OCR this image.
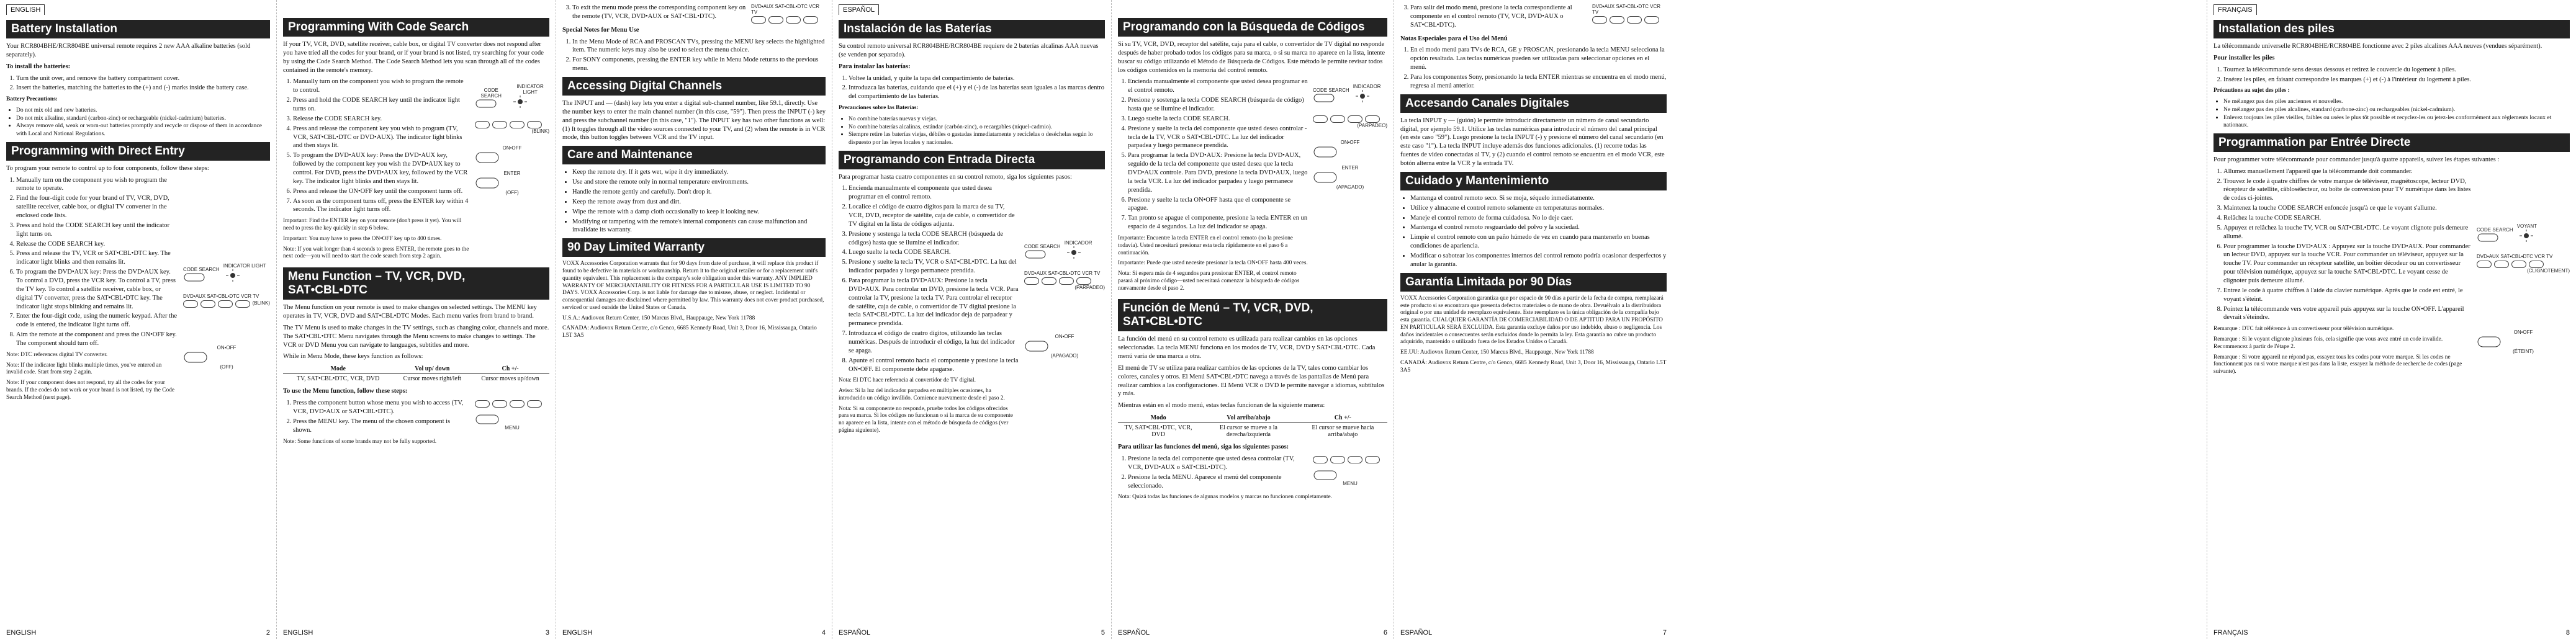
ENGLISH
Battery Installation

Your RCR804BHE/RCR804BE universal remote requires 2 new AAA alkaline batteries (sold separately).

To install the batteries:

1. Turn the unit over, and remove the battery compartment cover.
2. Insert the batteries, matching the batteries to the (+) and (-) marks inside the battery case.

Battery Precautions:

• Do not mix old and new batteries.
• Do not mix alkaline, standard (carbon-zinc) or rechargeable (nickel-cadmium) batteries.
• Always remove old, weak or worn-out batteries promptly and recycle or dispose of them in accordance with Local and National Regulations.
Programming with Direct Entry

To program your remote to control up to four components, follow these steps:

1. Manually turn on the component you wish to program the remote to operate.
2. Find the four-digit code for your brand of TV, VCR, DVD, satellite receiver, cable box, or digital TV converter in the enclosed code lists.
3. Press and hold the CODE SEARCH key until the indicator light turns on.
4. Release the CODE SEARCH key.
5. Press and release the TV, VCR or SAT•CBL•DTC key. The indicator light blinks and then remains lit.
6. To program the DVD•AUX key: Press the DVD•AUX key. To control a DVD, press the VCR key. To control a TV, press the TV key. To control a satellite receiver, cable box, or digital TV converter, press the SAT•CBL•DTC key. The indicator light stops blinking and remains lit.
7. Enter the four-digit code, using the numeric keypad. After the code is entered, the indicator light turns off.
8. Aim the remote at the component and press the ON•OFF key. The component should turn off.

Note: DTC references digital TV converter.

Note: If the indicator light blinks multiple times, you've entered an invalid code. Start from step 2 again.

Note: If your component does not respond, try all the codes for your brands. If the codes do not work or your brand is not listed, try the Code Search Method (next page).

CODE SEARCH
INDICATOR LIGHT
DVD•AUX SAT•CBL•DTC VCR TV
(BLINK)
ON•OFF
(OFF)
ENGLISH	2
Programming With Code Search

If your TV, VCR, DVD, satellite receiver, cable box, or digital TV converter does not respond after you have tried all the codes for your brand, or if your brand is not listed, try searching for your code by using the Code Search Method. The Code Search Method lets you scan through all of the codes contained in the remote's memory.

1. Manually turn on the component you wish to program the remote to control.
2. Press and hold the CODE SEARCH key until the indicator light turns on.
3. Release the CODE SEARCH key.
4. Press and release the component key you wish to program (TV, VCR, SAT•CBL•DTC or DVD•AUX). The indicator light blinks and then stays lit.
5. To program the DVD•AUX key: Press the DVD•AUX key, followed by the component key you wish the DVD•AUX key to control. For DVD, press the DVD•AUX key, followed by the VCR key. The indicator light blinks and then stays lit.
6. Press and release the ON•OFF key until the component turns off.
7. As soon as the component turns off, press the ENTER key within 4 seconds. The indicator light turns off.

Important: Find the ENTER key on your remote (don't press it yet). You will need to press the key quickly in step 6 below.

Important: You may have to press the ON•OFF key up to 400 times.

Note: If you wait longer than 4 seconds to press ENTER, the remote goes to the next code—you will need to start the code search from step 2 again.

CODE SEARCH
INDICATOR LIGHT
(BLINK)
ON•OFF
ENTER
(OFF)
Menu Function – TV, VCR, DVD, SAT•CBL•DTC

The Menu function on your remote is used to make changes on selected settings. The MENU key operates in TV, VCR, DVD and SAT•CBL•DTC Modes. Each menu varies from brand to brand.

The TV Menu is used to make changes in the TV settings, such as changing color, channels and more. The SAT•CBL•DTC Menu navigates through the Menu screens to make changes to settings. The VCR or DVD Menu you can navigate to languages, subtitles and more.

While in Menu Mode, these keys function as follows:

Mode	Vol up/ down	Ch +/-
TV, SAT•CBL•DTC, VCR, DVD	Cursor moves right/left	Cursor moves up/down

To use the Menu function, follow these steps:

1. Press the component button whose menu you wish to access (TV, VCR, DVD•AUX or SAT•CBL•DTC).
2. Press the MENU key. The menu of the chosen component is shown.	MENU

Note: Some functions of some brands may not be fully supported.

ENGLISH	3
3. To exit the menu mode press the corresponding component key on the remote (TV, VCR, DVD•AUX or SAT•CBL•DTC).
DVD•AUX SAT•CBL•DTC VCR TV

Special Notes for Menu Use

1. In the Menu Mode of RCA and PROSCAN TVs, pressing the MENU key selects the highlighted item. The numeric keys may also be used to select the menu choice.
2. For SONY components, pressing the ENTER key while in Menu Mode returns to the previous menu.
Accessing Digital Channels

The INPUT and — (dash) key lets you enter a digital sub-channel number, like 59.1, directly. Use the number keys to enter the main channel number (in this case, "59"). Then press the INPUT (-) key and press the subchannel number (in this case, "1"). The INPUT key has two other functions as well: (1) It toggles through all the video sources connected to your TV, and (2) when the remote is in VCR mode, this button toggles between VCR and the TV input.

Care and Maintenance
• Keep the remote dry. If it gets wet, wipe it dry immediately.
• Use and store the remote only in normal temperature environments.
• Handle the remote gently and carefully. Don't drop it.
• Keep the remote away from dust and dirt.
• Wipe the remote with a damp cloth occasionally to keep it looking new.
• Modifying or tampering with the remote's internal components can cause malfunction and invalidate its warranty.
90 Day Limited Warranty

VOXX Accessories Corporation warrants that for 90 days from date of purchase, it will replace this product if found to be defective in materials or workmanship. Return it to the original retailer or for a replacement unit's quantity equivalent. This replacement is the company's sole obligation under this warranty. ANY IMPLIED WARRANTY OF MERCHANTABILITY OR FITNESS FOR A PARTICULAR USE IS LIMITED TO 90 DAYS. VOXX Accessories Corp. is not liable for damage due to misuse, abuse, or neglect. Incidental or consequential damages are disclaimed where permitted by law. This warranty does not cover product purchased, serviced or used outside the United States or Canada.

U.S.A.: Audiovox Return Center, 150 Marcus Blvd., Hauppauge, New York 11788

CANADA: Audiovox Return Centre, c/o Genco, 6685 Kennedy Road, Unit 3, Door 16, Mississauga, Ontario L5T 3A5

ENGLISH	4
ESPAÑOL
Instalación de las Baterías

Su control remoto universal RCR804BHE/RCR804BE requiere de 2 baterías alcalinas AAA nuevas (se venden por separado).

Para instalar las baterías:

1. Voltee la unidad, y quite la tapa del compartimiento de baterías.
2. Introduzca las baterías, cuidando que el (+) y el (-) de las baterías sean iguales a las marcas dentro del compartimiento de las baterías.

Precauciones sobre las Baterías:

• No combine baterías nuevas y viejas.
• No combine baterías alcalinas, estándar (carbón-zinc), o recargables (níquel-cadmio).
• Siempre retire las baterías viejas, débiles o gastadas inmediatamente y recíclelas o deséchelas según lo dispuesto por las leyes locales y nacionales.
Programando con Entrada Directa

Para programar hasta cuatro componentes en su control remoto, siga los siguientes pasos:

1. Encienda manualmente el componente que usted desea programar en el control remoto.
2. Localice el código de cuatro dígitos para la marca de su TV, VCR, DVD, receptor de satélite, caja de cable, o convertidor de TV digital en la lista de códigos adjunta.
3. Presione y sostenga la tecla CODE SEARCH (búsqueda de códigos) hasta que se ilumine el indicador.
4. Luego suelte la tecla CODE SEARCH.
5. Presione y suelte la tecla TV, VCR o SAT•CBL•DTC. La luz del indicador parpadea y luego permanece prendida.
6. Para programar la tecla DVD•AUX: Presione la tecla DVD•AUX. Para controlar un DVD, presione la tecla VCR. Para controlar la TV, presione la tecla TV. Para controlar el receptor de satélite, caja de cable, o convertidor de TV digital presione la tecla SAT•CBL•DTC. La luz del indicador deja de parpadear y permanece prendida.
7. Introduzca el código de cuatro dígitos, utilizando las teclas numéricas. Después de introducir el código, la luz del indicador se apaga.
8. Apunte el control remoto hacia el componente y presione la tecla ON•OFF. El componente debe apagarse.

Nota: El DTC hace referencia al convertidor de TV digital.

Aviso: Si la luz del indicador parpadea en múltiples ocasiones, ha introducido un código inválido. Comience nuevamente desde el paso 2.

Nota: Si su componente no responde, pruebe todos los códigos ofrecidos para su marca. Si los códigos no funcionan o si la marca de su componente no aparece en la lista, intente con el método de búsqueda de códigos (ver página siguiente).

CODE SEARCH
INDICADOR
DVD•AUX SAT•CBL•DTC VCR TV
(PARPADEO)
ON•OFF
(APAGADO)
ESPAÑOL	5
Programando con la Búsqueda de Códigos

Si su TV, VCR, DVD, receptor del satélite, caja para el cable, o convertidor de TV digital no responde después de haber probado todos los códigos para su marca, o si su marca no aparece en la lista, intente buscar su código utilizando el Método de Búsqueda de Códigos. Este método le permite revisar todos los códigos contenidos en la memoria del control remoto.

1. Encienda manualmente el componente que usted desea programar en el control remoto.
2. Presione y sostenga la tecla CODE SEARCH (búsqueda de código) hasta que se ilumine el indicador.
3. Luego suelte la tecla CODE SEARCH.
4. Presione y suelte la tecla del componente que usted desea controlar - tecla de la TV, VCR o SAT•CBL•DTC. La luz del indicador parpadea y luego permanece prendida.
5. Para programar la tecla DVD•AUX: Presione la tecla DVD•AUX, seguido de la tecla del componente que usted desea que la tecla DVD•AUX controle. Para DVD, presione la tecla DVD•AUX, luego la tecla VCR. La luz del indicador parpadea y luego permanece prendida.
6. Presione y suelte la tecla ON•OFF hasta que el componente se apague.
7. Tan pronto se apague el componente, presione la tecla ENTER en un espacio de 4 segundos. La luz del indicador se apaga.

Importante: Encuentre la tecla ENTER en el control remoto (no la presione todavía). Usted necesitará presionar esta tecla rápidamente en el paso 6 a continuación.

Importante: Puede que usted necesite presionar la tecla ON•OFF hasta 400 veces.

Nota: Si espera más de 4 segundos para presionar ENTER, el control remoto pasará al próximo código—usted necesitará comenzar la búsqueda de códigos nuevamente desde el paso 2.

CODE SEARCH
INDICADOR
(PARPADEO)
ON•OFF
ENTER
(APAGADO)
Función de Menú – TV, VCR, DVD, SAT•CBL•DTC

La función del menú en su control remoto es utilizada para realizar cambios en las opciones seleccionadas. La tecla MENU funciona en los modos de TV, VCR, DVD y SAT•CBL•DTC. Cada menú varía de una marca a otra.

El menú de TV se utiliza para realizar cambios de las opciones de la TV, tales como cambiar los colores, canales y otros. El Menú SAT•CBL•DTC navega a través de las pantallas de Menú para realizar cambios a las configuraciones. El Menú VCR o DVD le permite navegar a idiomas, subtítulos y más.

Mientras están en el modo menú, estas teclas funcionan de la siguiente manera:

Modo	Vol arriba/abajo	Ch +/-
TV, SAT•CBL•DTC, VCR, DVD	El cursor se mueve a la derecha/izquierda	El cursor se mueve hacia arriba/abajo

Para utilizar las funciones del menú, siga los siguientes pasos:

1. Presione la tecla del componente que usted desea controlar (TV, VCR, DVD•AUX o SAT•CBL•DTC).
2. Presione la tecla MENU. Aparece el menú del componente seleccionado.	MENU

Nota: Quizá todas las funciones de algunas modelos y marcas no funcionen completamente.

ESPAÑOL	6
3. Para salir del modo menú, presione la tecla correspondiente al componente en el control remoto (TV, VCR, DVD•AUX o SAT•CBL•DTC).
DVD•AUX SAT•CBL•DTC VCR TV

Notas Especiales para el Uso del Menú

1. En el modo menú para TVs de RCA, GE y PROSCAN, presionando la tecla MENU selecciona la opción resaltada. Las teclas numéricas pueden ser utilizadas para seleccionar opciones en el menú.
2. Para los componentes Sony, presionando la tecla ENTER mientras se encuentra en el modo menú, regresa al menú anterior.
Accesando Canales Digitales

La tecla INPUT y — (guión) le permite introducir directamente un número de canal secundario digital, por ejemplo 59.1. Utilice las teclas numéricas para introducir el número del canal principal (en este caso "59"). Luego presione la tecla INPUT (-) y presione el número del canal secundario (en este caso "1"). La tecla INPUT incluye además dos funciones adicionales. (1) recorre todas las fuentes de video conectadas al TV, y (2) cuando el control remoto se encuentra en el modo VCR, este botón alterna entre la VCR y la entrada TV.

Cuidado y Mantenimiento
• Mantenga el control remoto seco. Si se moja, séquelo inmediatamente.
• Utilice y almacene el control remoto solamente en temperaturas normales.
• Maneje el control remoto de forma cuidadosa. No lo deje caer.
• Mantenga el control remoto resguardado del polvo y la suciedad.
• Limpie el control remoto con un paño húmedo de vez en cuando para mantenerlo en buenas condiciones de apariencia.
• Modificar o sabotear los componentes internos del control remoto podría ocasionar desperfectos y anular la garantía.
Garantía Limitada por 90 Días

VOXX Accessories Corporation garantiza que por espacio de 90 días a partir de la fecha de compra, reemplazará este producto si se encontrara que presenta defectos materiales o de mano de obra. Devuélvalo a la distribuidora original o por una unidad de reemplazo equivalente. Este reemplazo es la única obligación de la compañía bajo esta garantía. CUALQUIER GARANTÍA DE COMERCIABILIDAD O DE APTITUD PARA UN PROPÓSITO EN PARTICULAR SERÁ EXCLUIDA. Esta garantía excluye daños por uso indebido, abuso o negligencia. Los daños incidentales o consecuentes serán excluidos donde lo permita la ley. Esta garantía no cubre un producto adquirido, mantenido o utilizado fuera de los Estados Unidos o Canadá.

EE.UU: Audiovox Return Center, 150 Marcus Blvd., Hauppauge, New York 11788

CANADÁ: Audiovox Return Centre, c/o Genco, 6685 Kennedy Road, Unit 3, Door 16, Mississauga, Ontario L5T 3A5

ESPAÑOL	7
FRANÇAIS
Installation des piles

La télécommande universelle RCR804BHE/RCR804BE fonctionne avec 2 piles alcalines AAA neuves (vendues séparément).

Pour installer les piles

1. Tournez la télécommande sens dessus dessous et retirez le couvercle du logement à piles.
2. Insérez les piles, en faisant correspondre les marques (+) et (-) à l'intérieur du logement à piles.

Précautions au sujet des piles :

• Ne mélangez pas des piles anciennes et nouvelles.
• Ne mélangez pas des piles alcalines, standard (carbone-zinc) ou rechargeables (nickel-cadmium).
• Enlevez toujours les piles vieilles, faibles ou usées le plus tôt possible et recyclez-les ou jetez-les conformément aux règlements locaux et nationaux.
Programmation par Entrée Directe

Pour programmer votre télécommande pour commander jusqu'à quatre appareils, suivez les étapes suivantes :

1. Allumez manuellement l'appareil que la télécommande doit commander.
2. Trouvez le code à quatre chiffres de votre marque de téléviseur, magnétoscope, lecteur DVD, récepteur de satellite, câblosélecteur, ou boîte de conversion pour TV numérique dans les listes de codes ci-jointes.
3. Maintenez la touche CODE SEARCH enfoncée jusqu'à ce que le voyant s'allume.
4. Relâchez la touche CODE SEARCH.
5. Appuyez et relâchez la touche TV, VCR ou SAT•CBL•DTC. Le voyant clignote puis demeure allumé.
6. Pour programmer la touche DVD•AUX : Appuyez sur la touche DVD•AUX. Pour commander un lecteur DVD, appuyez sur la touche VCR. Pour commander un téléviseur, appuyez sur la touche TV. Pour commander un récepteur satellite, un boîtier décodeur ou un convertisseur pour télévision numérique, appuyez sur la touche SAT•CBL•DTC. Le voyant cesse de clignoter puis demeure allumé.
7. Entrez le code à quatre chiffres à l'aide du clavier numérique. Après que le code est entré, le voyant s'éteint.
8. Pointez la télécommande vers votre appareil puis appuyez sur la touche ON•OFF. L'appareil devrait s'éteindre.

Remarque : DTC fait référence à un convertisseur pour télévision numérique.

Remarque : Si le voyant clignote plusieurs fois, cela signifie que vous avez entré un code invalide. Recommencez à partir de l'étape 2.

Remarque : Si votre appareil ne répond pas, essayez tous les codes pour votre marque. Si les codes ne fonctionnent pas ou si votre marque n'est pas dans la liste, essayez la méthode de recherche de codes (page suivante).

CODE SEARCH
VOYANT
DVD•AUX SAT•CBL•DTC VCR TV
(CLIGNOTEMENT)
ON•OFF
(ÉTEINT)
FRANÇAIS	8
